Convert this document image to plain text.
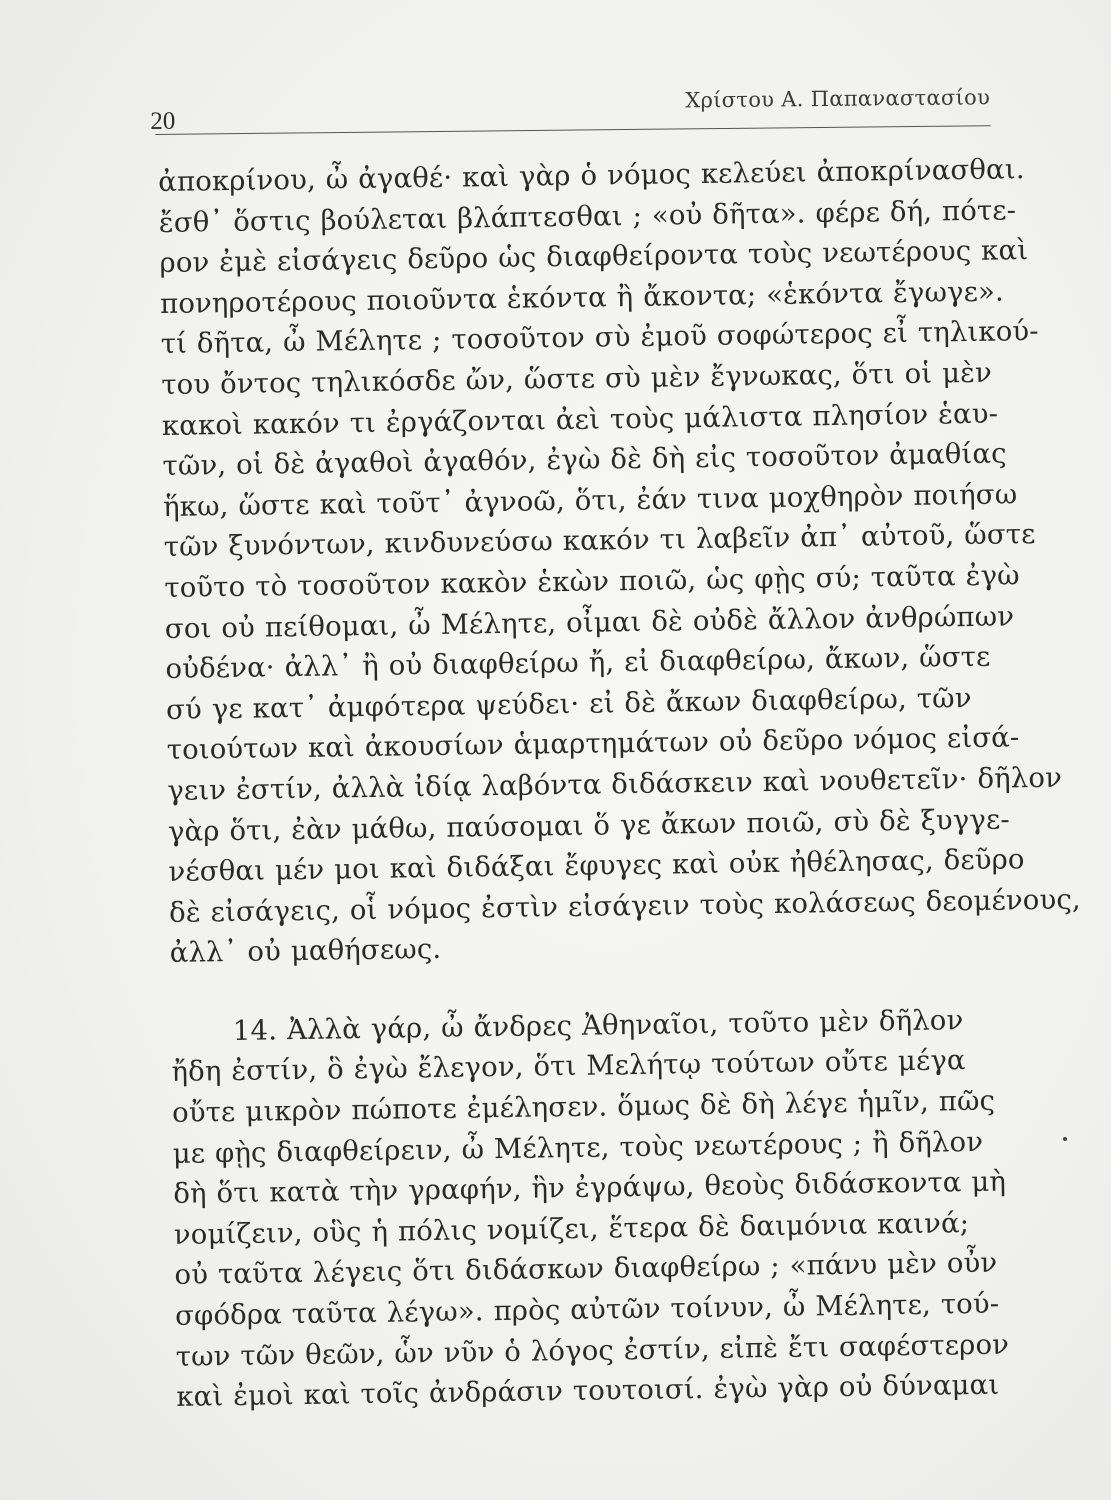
20
Χρίστου Α. Παπαναστασίου
ἀποκρίνου, ὦ ἀγαθέ· καὶ γὰρ ὁ νόμος κελεύει ἀποκρίνασθαι.
ἔσθ᾽ ὅστις βούλεται βλάπτεσθαι ; «οὐ δῆτα». φέρε δή, πότε-
ρον ἐμὲ εἰσάγεις δεῦρο ὡς διαφθείροντα τοὺς νεωτέρους καὶ
πονηροτέρους ποιοῦντα ἑκόντα ἢ ἄκοντα; «ἑκόντα ἔγωγε».
τί δῆτα, ὦ Μέλητε ; τοσοῦτον σὺ ἐμοῦ σοφώτερος εἶ τηλικού-
του ὄντος τηλικόσδε ὤν, ὥστε σὺ μὲν ἔγνωκας, ὅτι οἱ μὲν
κακοὶ κακόν τι ἐργάζονται ἀεὶ τοὺς μάλιστα πλησίον ἑαυ-
τῶν, οἱ δὲ ἀγαθοὶ ἀγαθόν, ἐγὼ δὲ δὴ εἰς τοσοῦτον ἀμαθίας
ἥκω, ὥστε καὶ τοῦτ᾽ ἀγνοῶ, ὅτι, ἐάν τινα μοχθηρὸν ποιήσω
τῶν ξυνόντων, κινδυνεύσω κακόν τι λαβεῖν ἀπ᾽ αὐτοῦ, ὥστε
τοῦτο τὸ τοσοῦτον κακὸν ἑκὼν ποιῶ, ὡς φῂς σύ; ταῦτα ἐγὼ
σοι οὐ πείθομαι, ὦ Μέλητε, οἶμαι δὲ οὐδὲ ἄλλον ἀνθρώπων
οὐδένα· ἀλλ᾽ ἢ οὐ διαφθείρω ἤ, εἰ διαφθείρω, ἄκων, ὥστε
σύ γε κατ᾽ ἀμφότερα ψεύδει· εἰ δὲ ἄκων διαφθείρω, τῶν
τοιούτων καὶ ἀκουσίων ἁμαρτημάτων οὐ δεῦρο νόμος εἰσά-
γειν ἐστίν, ἀλλὰ ἰδίᾳ λαβόντα διδάσκειν καὶ νουθετεῖν· δῆλον
γὰρ ὅτι, ἐὰν μάθω, παύσομαι ὅ γε ἄκων ποιῶ, σὺ δὲ ξυγγε-
νέσθαι μέν μοι καὶ διδάξαι ἔφυγες καὶ οὐκ ἠθέλησας, δεῦρο
δὲ εἰσάγεις, οἷ νόμος ἐστὶν εἰσάγειν τοὺς κολάσεως δεομένους,
ἀλλ᾽ οὐ μαθήσεως.
14. Ἀλλὰ γάρ, ὦ ἄνδρες Ἀθηναῖοι, τοῦτο μὲν δῆλον
ἤδη ἐστίν, ὃ ἐγὼ ἔλεγον, ὅτι Μελήτῳ τούτων οὔτε μέγα
οὔτε μικρὸν πώποτε ἐμέλησεν. ὅμως δὲ δὴ λέγε ἡμῖν, πῶς
με φῂς διαφθείρειν, ὦ Μέλητε, τοὺς νεωτέρους ; ἢ δῆλον
δὴ ὅτι κατὰ τὴν γραφήν, ἣν ἐγράψω, θεοὺς διδάσκοντα μὴ
νομίζειν, οὓς ἡ πόλις νομίζει, ἕτερα δὲ δαιμόνια καινά;
οὐ ταῦτα λέγεις ὅτι διδάσκων διαφθείρω ; «πάνυ μὲν οὖν
σφόδρα ταῦτα λέγω». πρὸς αὐτῶν τοίνυν, ὦ Μέλητε, τού-
των τῶν θεῶν, ὧν νῦν ὁ λόγος ἐστίν, εἰπὲ ἔτι σαφέστερον
καὶ ἐμοὶ καὶ τοῖς ἀνδράσιν τουτοισί. ἐγὼ γὰρ οὐ δύναμαι
